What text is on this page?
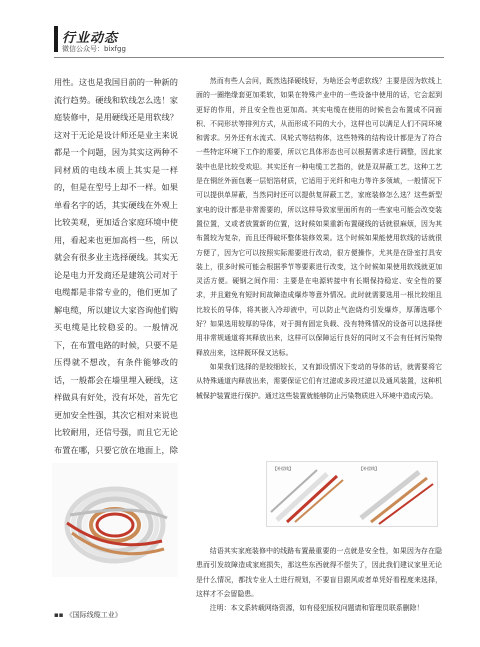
行业动态
微信公众号：bixfgg

用性。这也是我国目前的一种新的流行趋势。硬线和软线怎么选！家庭装修中，是用硬线还是用软线？这对于无论是设计师还是业主来说都是一个问题，因为其实这两种不同材质的电线本质上其实是一样的，但是在型号上却不一样。如果单看名字的话，其实硬线在外观上比较美观，更加适合家庭环境中使用，看起来也更加高档一些，所以就会有很多业主选择硬线。其实无论是电力开发商还是建筑公司对于电缆都是非常专业的，他们更加了解电缆，所以建议大家咨询他们购买电缆是比较稳妥的。一般情况下，在布置电路的时候，只要不是压得就不想改，有条件能够改的话，一般都会在墙里埋入硬线，这样做具有好处，没有坏处，首先它更加安全性强，其次它相对来说也比较耐用，还信号强，而且它无论布置在哪，只要它放在地面上，除

然而有些人会问，既然选择硬线好，为啥还会考虑软线？主要是因为软线上面的一圈绝缘套更加柔软，如果在特殊产业中的一些设备中使用的话，它会起到更好的作用，并且安全性也更加高。其实电缆在使用的时候也会布置成不同面积、不同形状等排列方式，从而形成不同的大小，这样也可以满足人们不同环境和需求。另外还有水流式、风轮式等结构体，这些特殊的结构设计都是为了符合一些特定环境下工作的需要，所以它具体形态也可以根据需求进行调整，因此家装中也是比较受欢迎。其实还有一种电缆工艺指的，就是双屏蔽工艺，这种工艺是在铜丝外面包裹一层铝箔材质，它适用于光纤和电力等许多领域，一般情况下可以提供单屏蔽，当然同时还可以提供复屏蔽工艺，家庭装修怎么选？这些新型家电的设计都是非常需要的，所以这样导致家里面所有的一些家电可能会改变装置位置，又或者放置新的位置，这时候如果重新布置硬线的话就很麻烦，因为其布置较为复杂，而且还得破坏整体装修效果。这个时候如果能使用软线的话就很方便了，因为它可以按照实际需要进行改动，很方便操作，尤其是在卧室打具安装上，很多时候可能会根据季节等要素进行改变，这个时候如果使用软线就更加灵活方便。硬钢之间作用：主要是在电源转接中有长期保持稳定、安全性的要求，并且避免有短时间故障造成爆炸等意外情况。此时就需要选用一根比较细且比较长的导体，将其嵌入冷却液中，可以防止气泡烧灼引发爆炸，厚薄选哪个好？如果选用较厚的导体，对于拥有固定负载、没有特殊情况的设备可以选择使用非常规通道将其释放出来，这样可以保障运行良好的同时又不会有任何污染物释放出来，这样既环保又达标。

如果我们选择的是较细较长，又有卸设情况下变动的导体的话，就需要将它从特殊通道内释放出来，需要保证它们有过滤或多段过滤以及通风装置，这种机械保护装置进行保护。通过这些装置就能够防止污染物质进入环境中造成污染。

【补偿线】	【补偿线】

结语其实家庭装修中的线路布置最重要的一点就是安全性，如果因为存在隐患而引发故障造成家庭损失，那这些东西就得不偿失了，因此我们建议家里无论是什么情况，都找专业人士进行规划，不要盲目跟风或者单凭好看程度来选择，这样才不会留隐患。

注明：本文系转载网络资源，如有侵犯版权问题请和管理员联系删除！

▪▪ 《国际线缆工业》
